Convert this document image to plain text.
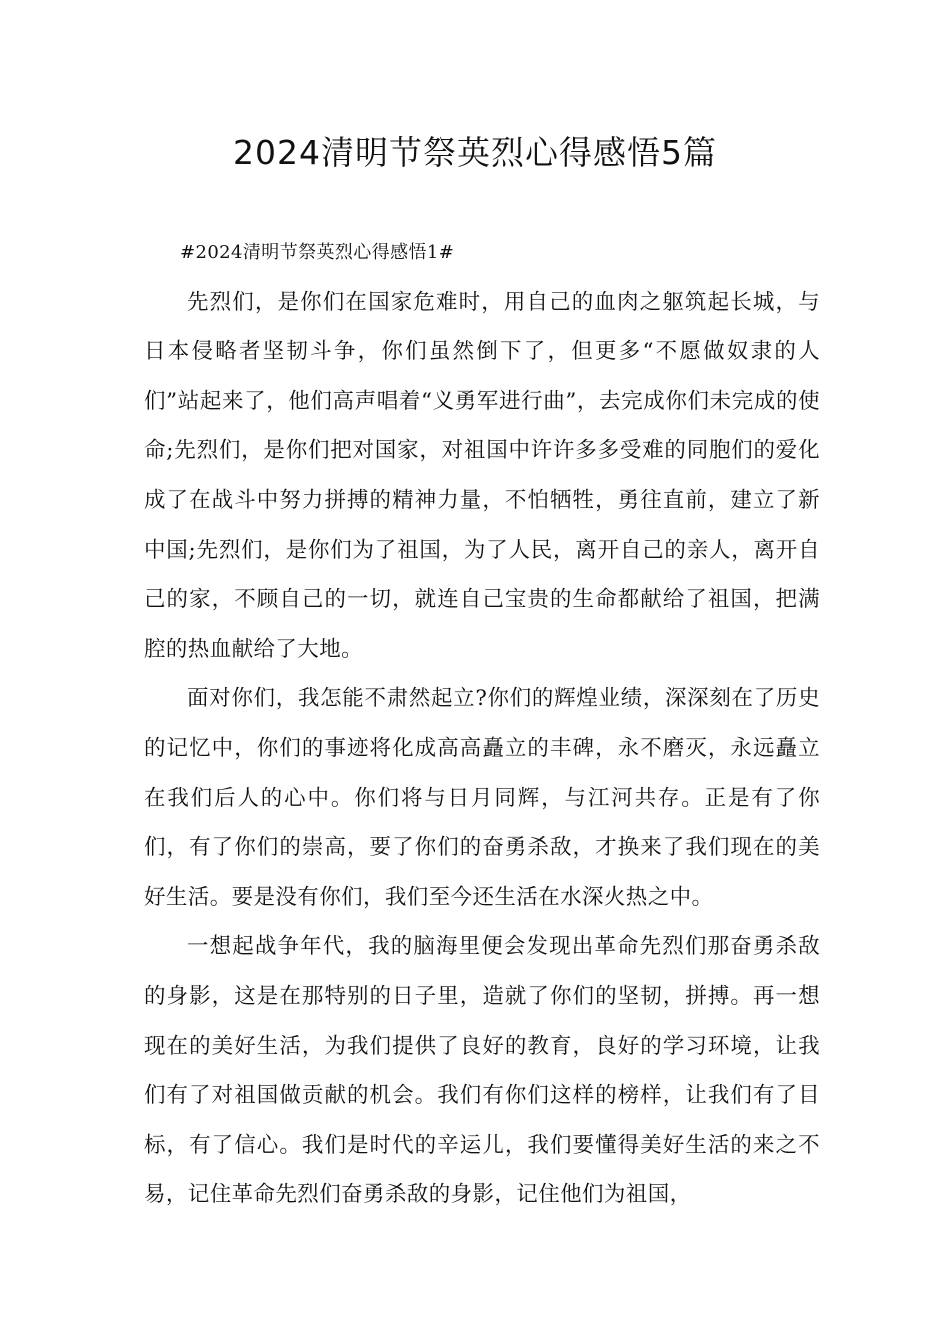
2024清明节祭英烈心得感悟5篇
#2024清明节祭英烈心得感悟1#

先烈们，是你们在国家危难时，用自己的血肉之躯筑起长城，与日本侵略者坚韧斗争，你们虽然倒下了，但更多“不愿做奴隶的人们”站起来了，他们高声唱着“义勇军进行曲”，去完成你们未完成的使命;先烈们，是你们把对国家，对祖国中许许多多受难的同胞们的爱化成了在战斗中努力拼搏的精神力量，不怕牺牲，勇往直前，建立了新中国;先烈们，是你们为了祖国，为了人民，离开自己的亲人，离开自己的家，不顾自己的一切，就连自己宝贵的生命都献给了祖国，把满腔的热血献给了大地。

面对你们，我怎能不肃然起立?你们的辉煌业绩，深深刻在了历史的记忆中，你们的事迹将化成高高矗立的丰碑，永不磨灭，永远矗立在我们后人的心中。你们将与日月同辉，与江河共存。正是有了你们，有了你们的崇高，要了你们的奋勇杀敌，才换来了我们现在的美好生活。要是没有你们，我们至今还生活在水深火热之中。

一想起战争年代，我的脑海里便会发现出革命先烈们那奋勇杀敌的身影，这是在那特别的日子里，造就了你们的坚韧，拼搏。再一想现在的美好生活，为我们提供了良好的教育，良好的学习环境，让我们有了对祖国做贡献的机会。我们有你们这样的榜样，让我们有了目标，有了信心。我们是时代的辛运儿，我们要懂得美好生活的来之不易，记住革命先烈们奋勇杀敌的身影，记住他们为祖国，
